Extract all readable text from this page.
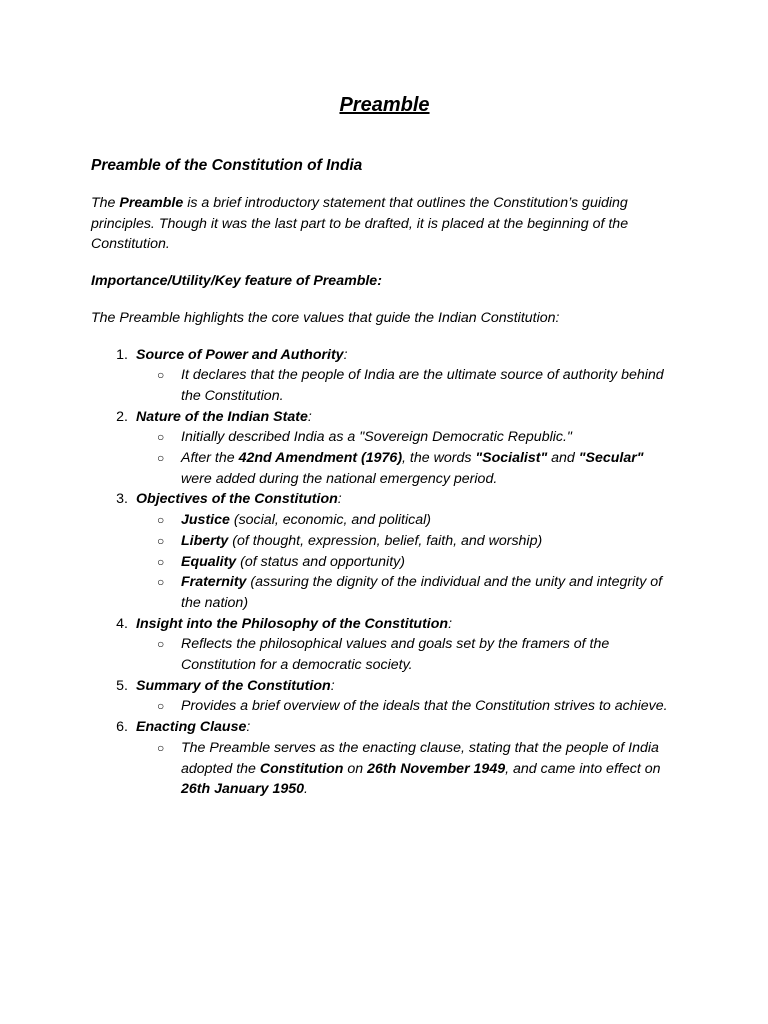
Preamble
Preamble of the Constitution of India

The Preamble is a brief introductory statement that outlines the Constitution’s guiding principles. Though it was the last part to be drafted, it is placed at the beginning of the Constitution.

Importance/Utility/Key feature of Preamble:

The Preamble highlights the core values that guide the Indian Constitution:

1. Source of Power and Authority:
○ It declares that the people of India are the ultimate source of authority behind the Constitution.
2. Nature of the Indian State:
○ Initially described India as a "Sovereign Democratic Republic."
○ After the 42nd Amendment (1976), the words "Socialist" and "Secular" were added during the national emergency period.
3. Objectives of the Constitution:
○ Justice (social, economic, and political)
○ Liberty (of thought, expression, belief, faith, and worship)
○ Equality (of status and opportunity)
○ Fraternity (assuring the dignity of the individual and the unity and integrity of the nation)
4. Insight into the Philosophy of the Constitution:
○ Reflects the philosophical values and goals set by the framers of the Constitution for a democratic society.
5. Summary of the Constitution:
○ Provides a brief overview of the ideals that the Constitution strives to achieve.
6. Enacting Clause:
○ The Preamble serves as the enacting clause, stating that the people of India adopted the Constitution on 26th November 1949, and came into effect on 26th January 1950.
